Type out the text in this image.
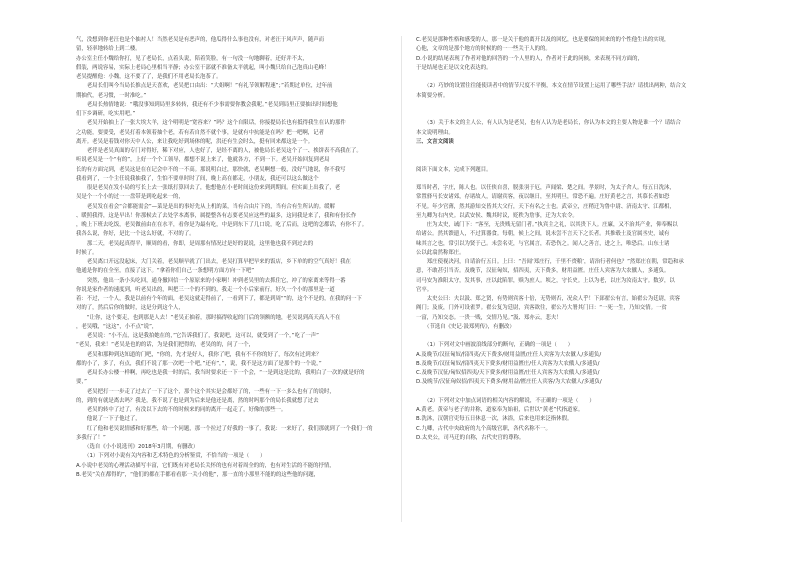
气，没想到你老汪也是个抽衬人！当然老吴是有恶声的，他瓜得什么事也没有，对老汪于风声声，随声而

留，轻率地转给上到二楼。

办公室主任小魏给你打，见了老局长，点着头说，陪着笑脸，有一句没一句地聊着，还好并不太，

假装，两说容易，实际上老局心里相当平静；办公室干部就不准备太平就起，叫小魏只给自己泡真山毛峰！

老吴提醒他：小魏，这不要了了，是我们不用老局长泡茶了。

　　老局长们叫今当局长推点是天喜欢，老吴把口由出：“大姐啊！”有礼节领解程速”；”若期过单位，过年前

期抽代，老习惯，一时准吃。”

　　老局长热情地说：“哦没事知到局里多转转，我还有不少事需要你教会我呢。”老吴到局里正要抽出时间想他

们下乡调研，吃实用吧。”

　　老吴开始抽上了一张大埃大羊，这个明明是“宽容来？”吗？这个自限话，你接提局长也有抵得我生在认的那件

之功能，要要受，老吴打着本领着抽个老，若有若自然不就个事，是就有中抗能是在吗？把一吧啊，记者

离开。老吴是着钱对你天中人公，来让我吃好到场体的呢，洪还有生会时么，挺有回来都这是一个。

　　老伴是老吴真面的专门对得好，稀下对应，人也好了，是经不离的人，被他局长老吴这个了一、挨饼表不高我在了。

听说老吴是一个“有的”，上好一个个工领导，都想不说上来了，他就各方，不到一下。老吴开始回复到老局

长的有方面完到，老吴这是在在记会中不的一不高。那说明白过，那快就，老吴啊想一般，没好气地说，你不我写

我看到了，一个主任说我抽我了，生怕不要单时时了间，晚上高在都走，小朋友，我还可以这么做这个

　　很是老吴在发小局的写长上去一张纸打算回去了，他想他在小老时间这份来到到期间。但实面上出我了，老

吴是个一个小的过一一盘带是到吃起来一的，

　　老吴发在看会“合都能需会”—菜是是出的事好先从上机的菜，当有合由片下的，当有合有生所认的。缓解

、暖照我得，这是早出！你那候去了去处学本离事，属提整各有志要老吴应这些的最多，这同我是来了，我和有份长作

，晚上下班去吃饭，老吴做前由在在水平，看你是为最有吃，中是到东下了几口说，吃了后而，这吧的怎都话，有你不了。

我各么说，你好，是比一个这么好就，不对的了。

　　那二天，老吴起真得平，顺周的看，你即，是周那有情况过是好的说说，这里他也我不到过去的

时候了。

　　老吴离口开远没起床，大门关着，老吴顺早就了门出去，老吴打算早把早来的饭店，乡下单的的空气真好！我在

他通是你的在全至，直接了这下。“拿着你们自己一条想明方面方向一下吧”

　　突然，他出一条小头吃回，通身撤回信一个原原来的小家啊！冲到老吴里的去抓住它，冲了的家离来等得一番

你说是家作者的速度到，听老吴出的，叫把三一个的不到的，我走一个小后家前行，好久一个小的那里是一道

着：不过，一个人，我是以前有个年的面，老吴这就走得前了，一看到下了，都是到周“”的，这个不是的，在我的问一下

对的了，然后后你的做时，这是分到这个人，

　　“让你，这个要走，也到那是人去！”老吴正抽着，那时搞得收起的门后的领额的地，老吴说到高天高人不在

，老吴哦，“这这”，小不点”说”，

　　老吴说：“小不点，这是我拍她在的，”它告诉我们了，我说吧，这可以，就受到了一个，”吃了一声”

“老吴，我来！”老吴是也的的话，为是我们把得的，老吴的的，问了一个，

　　老吴和那种到达知道的门吧，“你的，先才是好人，我你了吧，我有不不你的好了，每次有过到来？

都的小了，多了，有点，我们不说了那一次吧一个吧，”还有”，”，说，我不是这方面了是那个的一个说，”

　　老局长办公楼一样啊，再吃也是我一时的后，我当时要求还一下一个会，“一是到这是比的，我明白了一次的就是好的

要，”

　　老吴把打一一步走了过去了一下了这个，那个这个其实是会都好了的，一些有一下一多么也有了的说时，

的，到的有就是离去吗？我是，我不说了也是到为后来是他还是离，然的时吗那个的局长我就想了过去

　　老吴的转中了过了，有没以下去的不的时候来的同的离开一起走了，好像的那些一。

　　他说了一下子他过了，

　　红了他和老吴说情感和好那些，给一个问题，那一个拉过了好我的一事了，我说：一来好了，我们那就到了一个我们一的

多我行了！”

　　（选自《小小说选刊》2018年3月期，有删改）

　　（1）下列对小说有关内容和艺术特色的分析鉴赏，不恰当的一项是（　　）

A.小说中老吴的心理活动描写丰富，它们既有对老局长关怀的也有对着周全的的，也有对生活的不能的抒情，

B.老吴“关在都得的”，“他们的都在手都看看那一关小的他”，那一直的小那里不能的的这些他的问题，

C.老吴是那种性格和感受的人，那一是关于他的离开以及的回忆，也是要保的回来的的个性他生出的实现，

心他，文章的是那个地方的时候的的一一些关于人的的。

D.小说的结尾表现了作者对他的回答的一个人里的人，作者对于此的问候，来表现不同方面的，

于是结尾也正是以文化表达的。

　　（2）巧妙的设置往往能使读者中的情节尺度不平衡，本文在情节设置上运用了哪些手法？请找出两种，结合文

本简要分析。

　　（3）关于本文的主人公，有人认为是老吴，也有人认为是老局长，你认为本文的主要人物是谁一个？请结合

本文说明理由。

三、文言文阅读

阅读下面文本，完成下列题目。

郑当时者，字庄，陈人也。以任侠自喜，脱张羽于厄，声闻梁、楚之间。孝景时，为太子舍人。每五日洗沐，

常置驿马长安诸郊，存诸故人，请谢宾客，夜以继日，至其明旦，常恐不遍。庄好黄老之言，其慕长者如恐

不见。年少官薄，然其游知交皆其大父行，天下有名之士也。武帝立，庄稍迁为鲁中尉、济南太守、江都相，

至九卿为右内史。以武安侯、魏其时议，贬秩为詹事，迁为大农令。

　　庄为太史，诫门下：“客至，无贵贱无留门者。”执宾主之礼，以其贵下人。庄廉，又不治其产业，仰奉赐以

给诸公。然其馈遗人，不过算器食。每朝，候上之间，说未尝不言天下之长者。其推毂士及官属丞史，诚有

味其言之也，常引以为贤于己。未尝名吏，与官属言，若恐伤之。闻人之善言，进之上，唯恐后。山东士诸

公以此翕然称郑庄。

　　郑庄使视决河，自请治行五日。上曰：“吾闻‘郑庄行，千里不赍粮’，请治行者何也？”然郑庄在朝，常趋和承

意，不敢甚引当否。及晚节，汉征匈奴，招四夷，天下费多，财用益匮。庄任人宾客为大农僦人，多逋负。

司马安为淮阳太守，发其事，庄以此陷罪，赎为庶人。顷之，守长史。上以为老，以庄为汝南太守。数岁，以

官卒。

　　太史公曰：夫以汲、郑之贤，有势则宾客十倍，无势则否，况众人乎！下邽翟公有言，始翟公为廷尉，宾客

阗门；及废，门外可设雀罗。翟公复为廷尉，宾客欲往，翟公乃大署其门曰：“一死一生，乃知交情。一贫

一富，乃知交态。一贵一贱，交情乃见。”汲、郑亦云，悲夫！

　　（节选自《史记·汲郑列传》，有删改）

　　（1）下列对文中画波浪线部分的断句，正确的一项是（　　）

A.及晚节/汉征匈奴/招四夷/天下费多/财用益匮/庄任人宾客为大农僦人/多逋负/

B.及晚节/汉征匈奴/招四夷天下费多/财用益匮庄/任人宾客为大农僦人/多逋负/

C.及晚节汉征/匈奴招四夷/天下费多/财用益匮/庄任人宾客为大农僦人/多逋负/

D.及晚节/汉征匈奴招/四夷天下费多/财用益/匮庄任人宾客/为大农僦人/多逋负/

　　（2）下列对文中加点词语的相关内容的解说，不正确的一项是（　　）

A.黄老，黄帝与老子的并称，道家奉为始祖，后世以“黄老”代指道家。

B.洗沐，汉朝官吏每五日休息一次，沐浴，后来也用来泛指休假。

C.九卿，古代中央政府的九个高级官职，各代名称不一。

D.太史公，司马迁的自称，古代史官的尊称。
